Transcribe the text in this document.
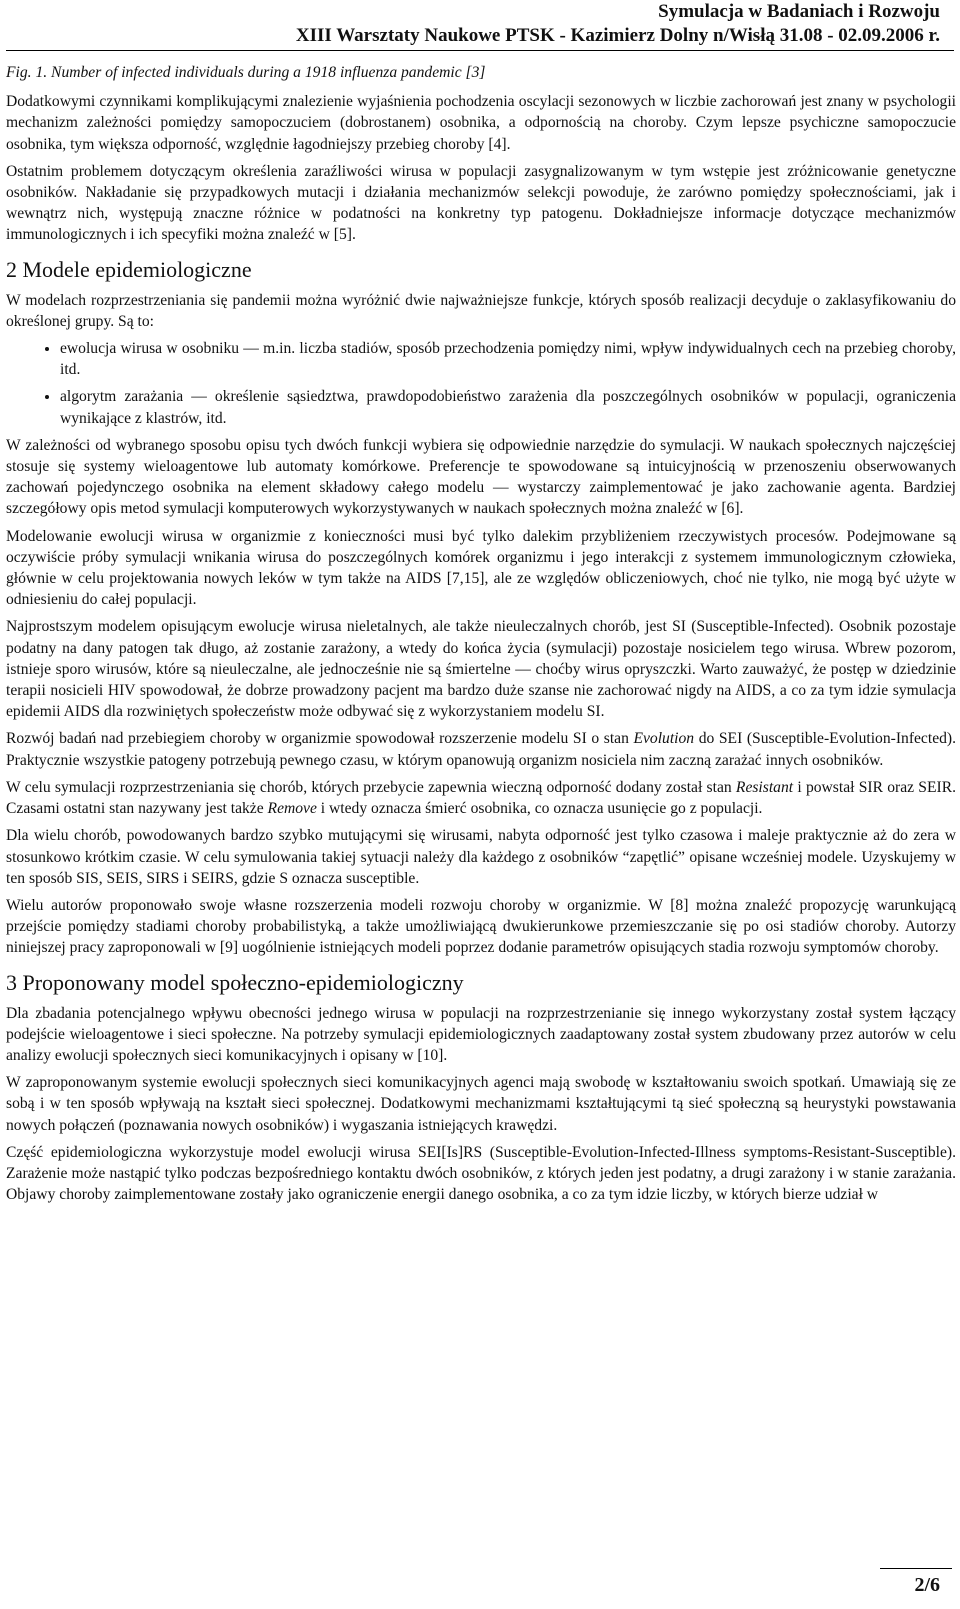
Symulacja w Badaniach i Rozwoju
XIII Warsztaty Naukowe PTSK - Kazimierz Dolny n/Wisłą 31.08 - 02.09.2006 r.
Fig. 1. Number of infected individuals during a 1918 influenza pandemic [3]

Dodatkowymi czynnikami komplikującymi znalezienie wyjaśnienia pochodzenia oscylacji sezonowych w liczbie zachorowań jest znany w psychologii mechanizm zależności pomiędzy samopoczuciem (dobrostanem) osobnika, a odpornością na choroby. Czym lepsze psychiczne samopoczucie osobnika, tym większa odporność, względnie łagodniejszy przebieg choroby [4].

Ostatnim problemem dotyczącym określenia zaraźliwości wirusa w populacji zasygnalizowanym w tym wstępie jest zróżnicowanie genetyczne osobników. Nakładanie się przypadkowych mutacji i działania mechanizmów selekcji powoduje, że zarówno pomiędzy społecznościami, jak i wewnątrz nich, występują znaczne różnice w podatności na konkretny typ patogenu. Dokładniejsze informacje dotyczące mechanizmów immunologicznych i ich specyfiki można znaleźć w [5].

2 Modele epidemiologiczne

W modelach rozprzestrzeniania się pandemii można wyróżnić dwie najważniejsze funkcje, których sposób realizacji decyduje o zaklasyfikowaniu do określonej grupy. Są to:

• ewolucja wirusa w osobniku — m.in. liczba stadiów, sposób przechodzenia pomiędzy nimi, wpływ indywidualnych cech na przebieg choroby, itd.
• algorytm zarażania — określenie sąsiedztwa, prawdopodobieństwo zarażenia dla poszczególnych osobników w populacji, ograniczenia wynikające z klastrów, itd.

W zależności od wybranego sposobu opisu tych dwóch funkcji wybiera się odpowiednie narzędzie do symulacji. W naukach społecznych najczęściej stosuje się systemy wieloagentowe lub automaty komórkowe. Preferencje te spowodowane są intuicyjnością w przenoszeniu obserwowanych zachowań pojedynczego osobnika na element składowy całego modelu — wystarczy zaimplementować je jako zachowanie agenta. Bardziej szczegółowy opis metod symulacji komputerowych wykorzystywanych w naukach społecznych można znaleźć w [6].

Modelowanie ewolucji wirusa w organizmie z konieczności musi być tylko dalekim przybliżeniem rzeczywistych procesów. Podejmowane są oczywiście próby symulacji wnikania wirusa do poszczególnych komórek organizmu i jego interakcji z systemem immunologicznym człowieka, głównie w celu projektowania nowych leków w tym także na AIDS [7,15], ale ze względów obliczeniowych, choć nie tylko, nie mogą być użyte w odniesieniu do całej populacji.

Najprostszym modelem opisującym ewolucje wirusa nieletalnych, ale także nieuleczalnych chorób, jest SI (Susceptible-Infected). Osobnik pozostaje podatny na dany patogen tak długo, aż zostanie zarażony, a wtedy do końca życia (symulacji) pozostaje nosicielem tego wirusa. Wbrew pozorom, istnieje sporo wirusów, które są nieuleczalne, ale jednocześnie nie są śmiertelne — choćby wirus opryszczki. Warto zauważyć, że postęp w dziedzinie terapii nosicieli HIV spowodował, że dobrze prowadzony pacjent ma bardzo duże szanse nie zachorować nigdy na AIDS, a co za tym idzie symulacja epidemii AIDS dla rozwiniętych społeczeństw może odbywać się z wykorzystaniem modelu SI.

Rozwój badań nad przebiegiem choroby w organizmie spowodował rozszerzenie modelu SI o stan Evolution do SEI (Susceptible-Evolution-Infected). Praktycznie wszystkie patogeny potrzebują pewnego czasu, w którym opanowują organizm nosiciela nim zaczną zarażać innych osobników.

W celu symulacji rozprzestrzeniania się chorób, których przebycie zapewnia wieczną odporność dodany został stan Resistant i powstał SIR oraz SEIR. Czasami ostatni stan nazywany jest także Remove i wtedy oznacza śmierć osobnika, co oznacza usunięcie go z populacji.

Dla wielu chorób, powodowanych bardzo szybko mutującymi się wirusami, nabyta odporność jest tylko czasowa i maleje praktycznie aż do zera w stosunkowo krótkim czasie. W celu symulowania takiej sytuacji należy dla każdego z osobników “zapętlić” opisane wcześniej modele. Uzyskujemy w ten sposób SIS, SEIS, SIRS i SEIRS, gdzie S oznacza susceptible.

Wielu autorów proponowało swoje własne rozszerzenia modeli rozwoju choroby w organizmie. W [8] można znaleźć propozycję warunkującą przejście pomiędzy stadiami choroby probabilistyką, a także umożliwiającą dwukierunkowe przemieszczanie się po osi stadiów choroby. Autorzy niniejszej pracy zaproponowali w [9] uogólnienie istniejących modeli poprzez dodanie parametrów opisujących stadia rozwoju symptomów choroby.

3 Proponowany model społeczno-epidemiologiczny

Dla zbadania potencjalnego wpływu obecności jednego wirusa w populacji na rozprzestrzenianie się innego wykorzystany został system łączący podejście wieloagentowe i sieci społeczne. Na potrzeby symulacji epidemiologicznych zaadaptowany został system zbudowany przez autorów w celu analizy ewolucji społecznych sieci komunikacyjnych i opisany w [10].

W zaproponowanym systemie ewolucji społecznych sieci komunikacyjnych agenci mają swobodę w kształtowaniu swoich spotkań. Umawiają się ze sobą i w ten sposób wpływają na kształt sieci społecznej. Dodatkowymi mechanizmami kształtującymi tą sieć społeczną są heurystyki powstawania nowych połączeń (poznawania nowych osobników) i wygaszania istniejących krawędzi.

Część epidemiologiczna wykorzystuje model ewolucji wirusa SEI[Is]RS (Susceptible-Evolution-Infected-Illness symptoms-Resistant-Susceptible). Zarażenie może nastąpić tylko podczas bezpośredniego kontaktu dwóch osobników, z których jeden jest podatny, a drugi zarażony i w stanie zarażania. Objawy choroby zaimplementowane zostały jako ograniczenie energii danego osobnika, a co za tym idzie liczby, w których bierze udział w

2/6
